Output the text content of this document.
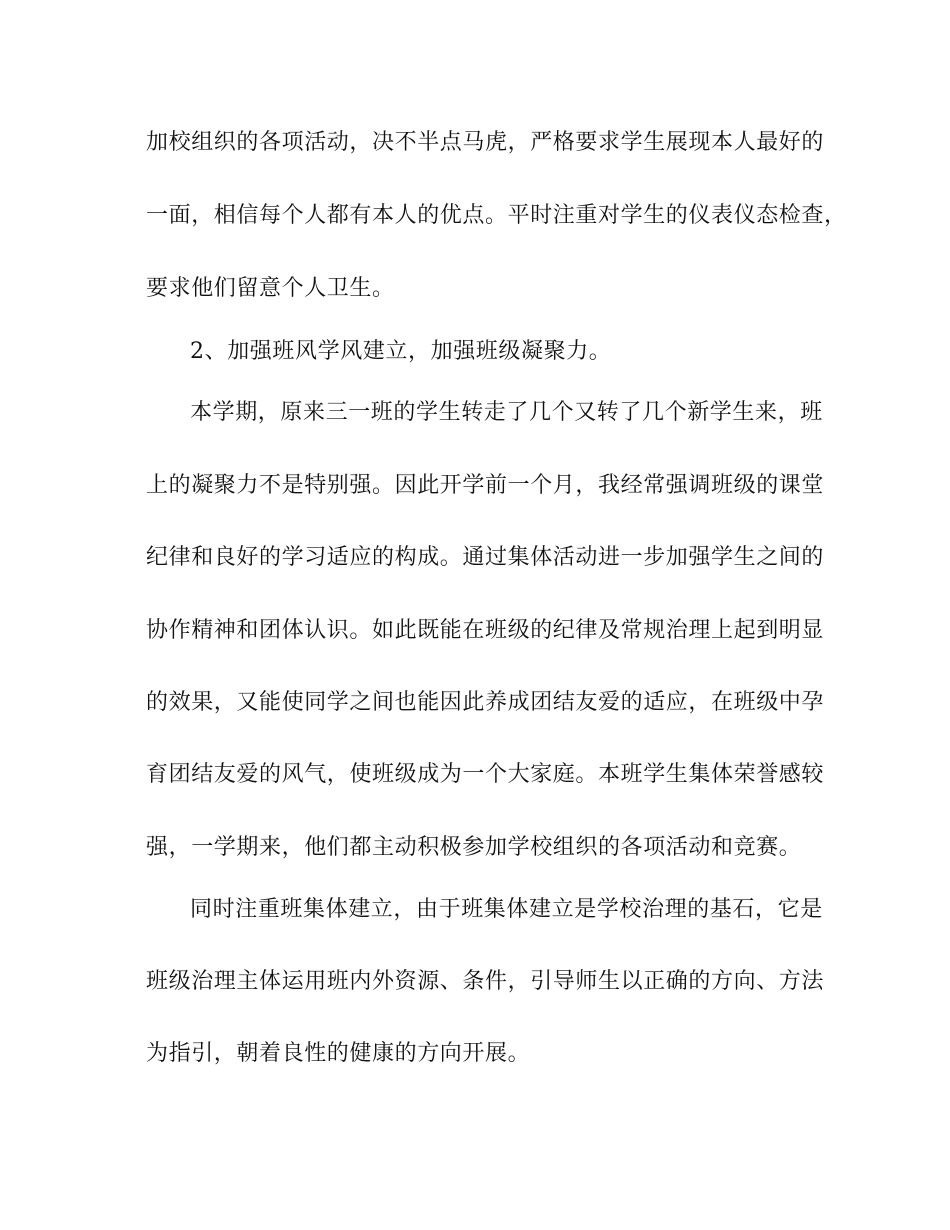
加校组织的各项活动，决不半点马虎，严格要求学生展现本人最好的
一面，相信每个人都有本人的优点。平时注重对学生的仪表仪态检查，
要求他们留意个人卫生。
2、加强班风学风建立，加强班级凝聚力。
本学期，原来三一班的学生转走了几个又转了几个新学生来，班
上的凝聚力不是特别强。因此开学前一个月，我经常强调班级的课堂
纪律和良好的学习适应的构成。通过集体活动进一步加强学生之间的
协作精神和团体认识。如此既能在班级的纪律及常规治理上起到明显
的效果，又能使同学之间也能因此养成团结友爱的适应，在班级中孕
育团结友爱的风气，使班级成为一个大家庭。本班学生集体荣誉感较
强，一学期来，他们都主动积极参加学校组织的各项活动和竞赛。
同时注重班集体建立，由于班集体建立是学校治理的基石，它是
班级治理主体运用班内外资源、条件，引导师生以正确的方向、方法
为指引，朝着良性的健康的方向开展。
